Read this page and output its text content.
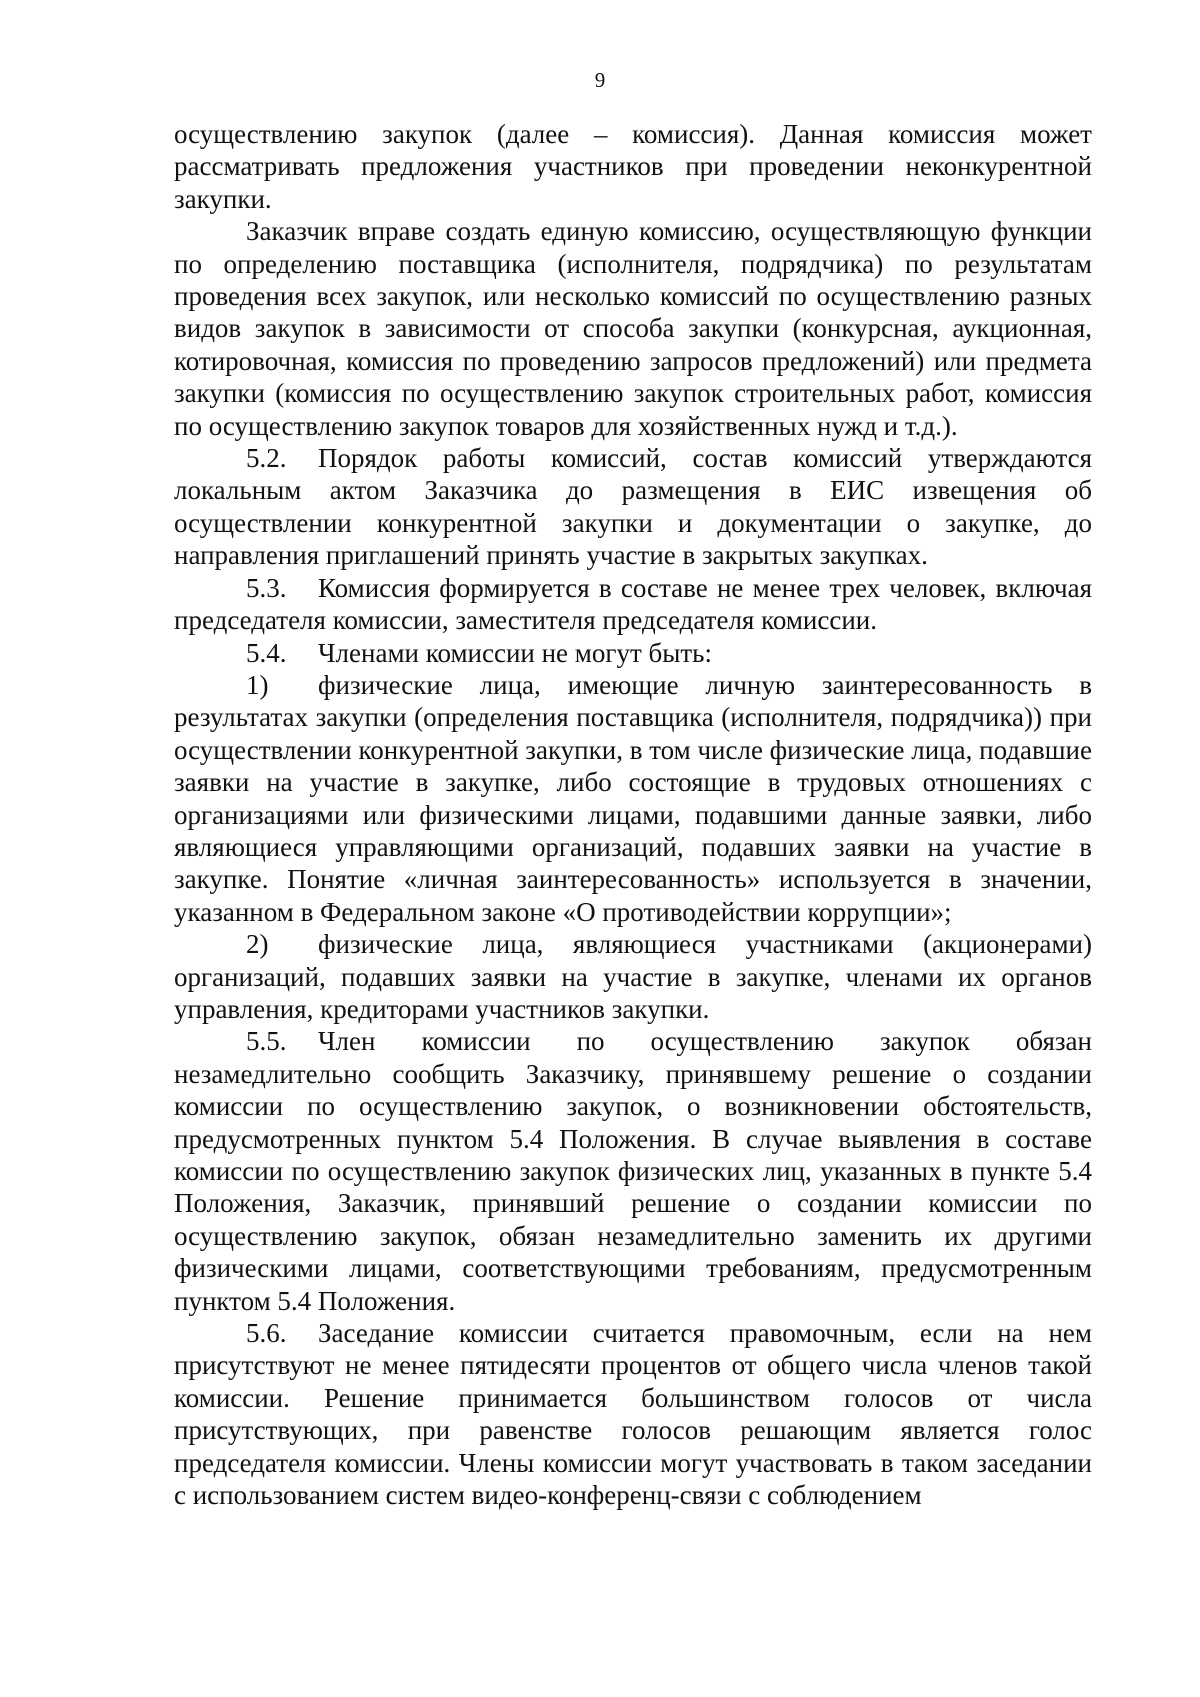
9

осуществлению закупок (далее – комиссия). Данная комиссия может рассматривать предложения участников при проведении неконкурентной закупки.

Заказчик вправе создать единую комиссию, осуществляющую функции по определению поставщика (исполнителя, подрядчика) по результатам проведения всех закупок, или несколько комиссий по осуществлению разных видов закупок в зависимости от способа закупки (конкурсная, аукционная, котировочная, комиссия по проведению запросов предложений) или предмета закупки (комиссия по осуществлению закупок строительных работ, комиссия по осуществлению закупок товаров для хозяйственных нужд и т.д.).

5.2. Порядок работы комиссий, состав комиссий утверждаются локальным актом Заказчика до размещения в ЕИС извещения об осуществлении конкурентной закупки и документации о закупке, до направления приглашений принять участие в закрытых закупках.

5.3. Комиссия формируется в составе не менее трех человек, включая председателя комиссии, заместителя председателя комиссии.

5.4. Членами комиссии не могут быть:

1) физические лица, имеющие личную заинтересованность в результатах закупки (определения поставщика (исполнителя, подрядчика)) при осуществлении конкурентной закупки, в том числе физические лица, подавшие заявки на участие в закупке, либо состоящие в трудовых отношениях с организациями или физическими лицами, подавшими данные заявки, либо являющиеся управляющими организаций, подавших заявки на участие в закупке. Понятие «личная заинтересованность» используется в значении, указанном в Федеральном законе «О противодействии коррупции»;

2) физические лица, являющиеся участниками (акционерами) организаций, подавших заявки на участие в закупке, членами их органов управления, кредиторами участников закупки.

5.5. Член комиссии по осуществлению закупок обязан незамедлительно сообщить Заказчику, принявшему решение о создании комиссии по осуществлению закупок, о возникновении обстоятельств, предусмотренных пунктом 5.4 Положения. В случае выявления в составе комиссии по осуществлению закупок физических лиц, указанных в пункте 5.4 Положения, Заказчик, принявший решение о создании комиссии по осуществлению закупок, обязан незамедлительно заменить их другими физическими лицами, соответствующими требованиям, предусмотренным пунктом 5.4 Положения.

5.6. Заседание комиссии считается правомочным, если на нем присутствуют не менее пятидесяти процентов от общего числа членов такой комиссии. Решение принимается большинством голосов от числа присутствующих, при равенстве голосов решающим является голос председателя комиссии. Члены комиссии могут участвовать в таком заседании с использованием систем видео-конференц-связи с соблюдением
